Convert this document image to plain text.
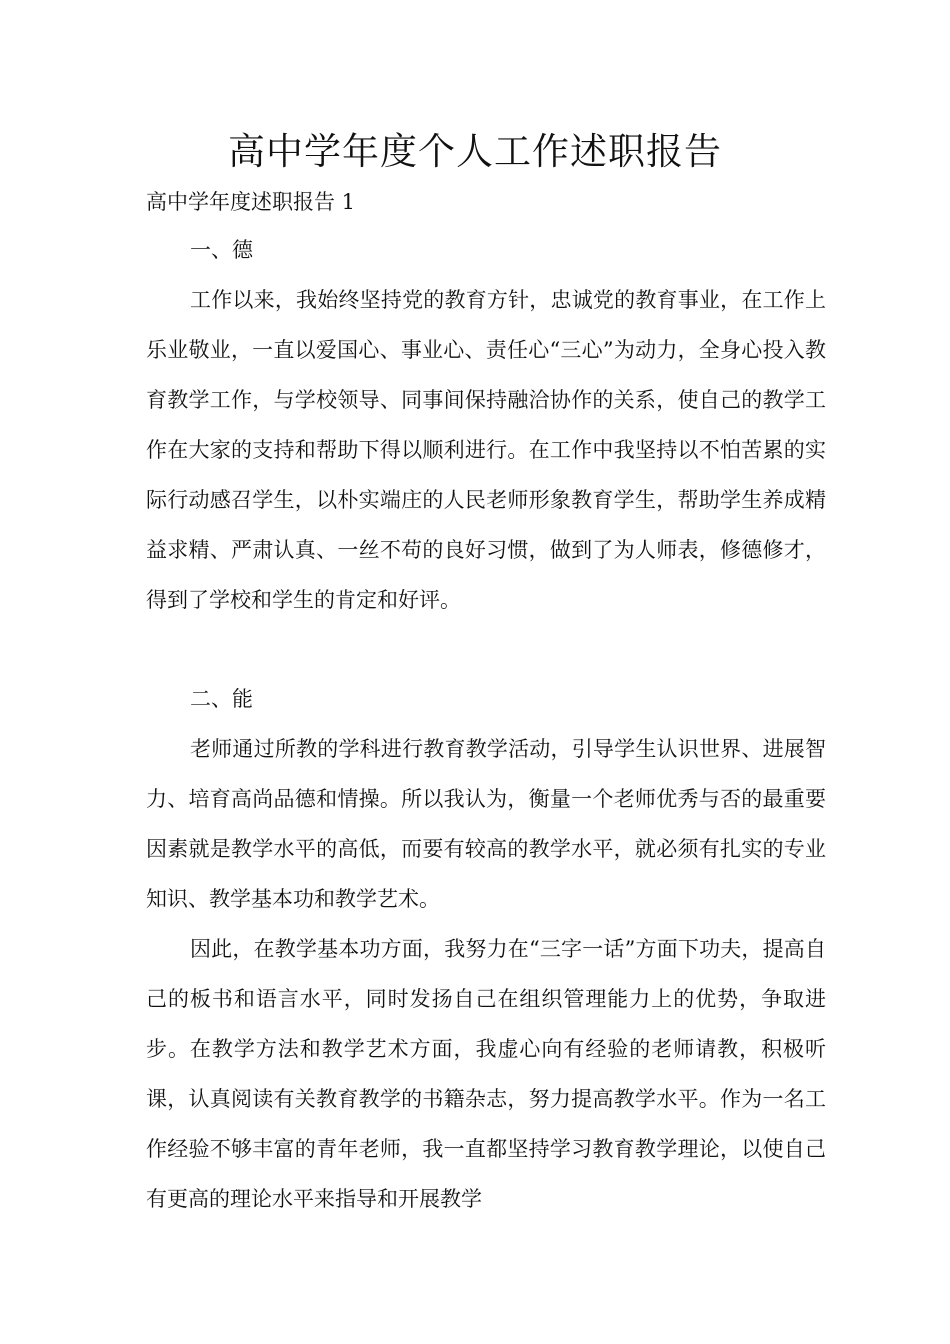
高中学年度个人工作述职报告
高中学年度述职报告 1
一、德

工作以来，我始终坚持党的教育方针，忠诚党的教育事业，在工作上乐业敬业，一直以爱国心、事业心、责任心“三心”为动力，全身心投入教育教学工作，与学校领导、同事间保持融洽协作的关系，使自己的教学工作在大家的支持和帮助下得以顺利进行。在工作中我坚持以不怕苦累的实际行动感召学生，以朴实端庄的人民老师形象教育学生，帮助学生养成精益求精、严肃认真、一丝不苟的良好习惯，做到了为人师表，修德修才，得到了学校和学生的肯定和好评。

二、能

老师通过所教的学科进行教育教学活动，引导学生认识世界、进展智力、培育高尚品德和情操。所以我认为，衡量一个老师优秀与否的最重要因素就是教学水平的高低，而要有较高的教学水平，就必须有扎实的专业知识、教学基本功和教学艺术。

因此，在教学基本功方面，我努力在“三字一话”方面下功夫，提高自己的板书和语言水平，同时发扬自己在组织管理能力上的优势，争取进步。在教学方法和教学艺术方面，我虚心向有经验的老师请教，积极听课，认真阅读有关教育教学的书籍杂志，努力提高教学水平。作为一名工作经验不够丰富的青年老师，我一直都坚持学习教育教学理论，以使自己有更高的理论水平来指导和开展教学
